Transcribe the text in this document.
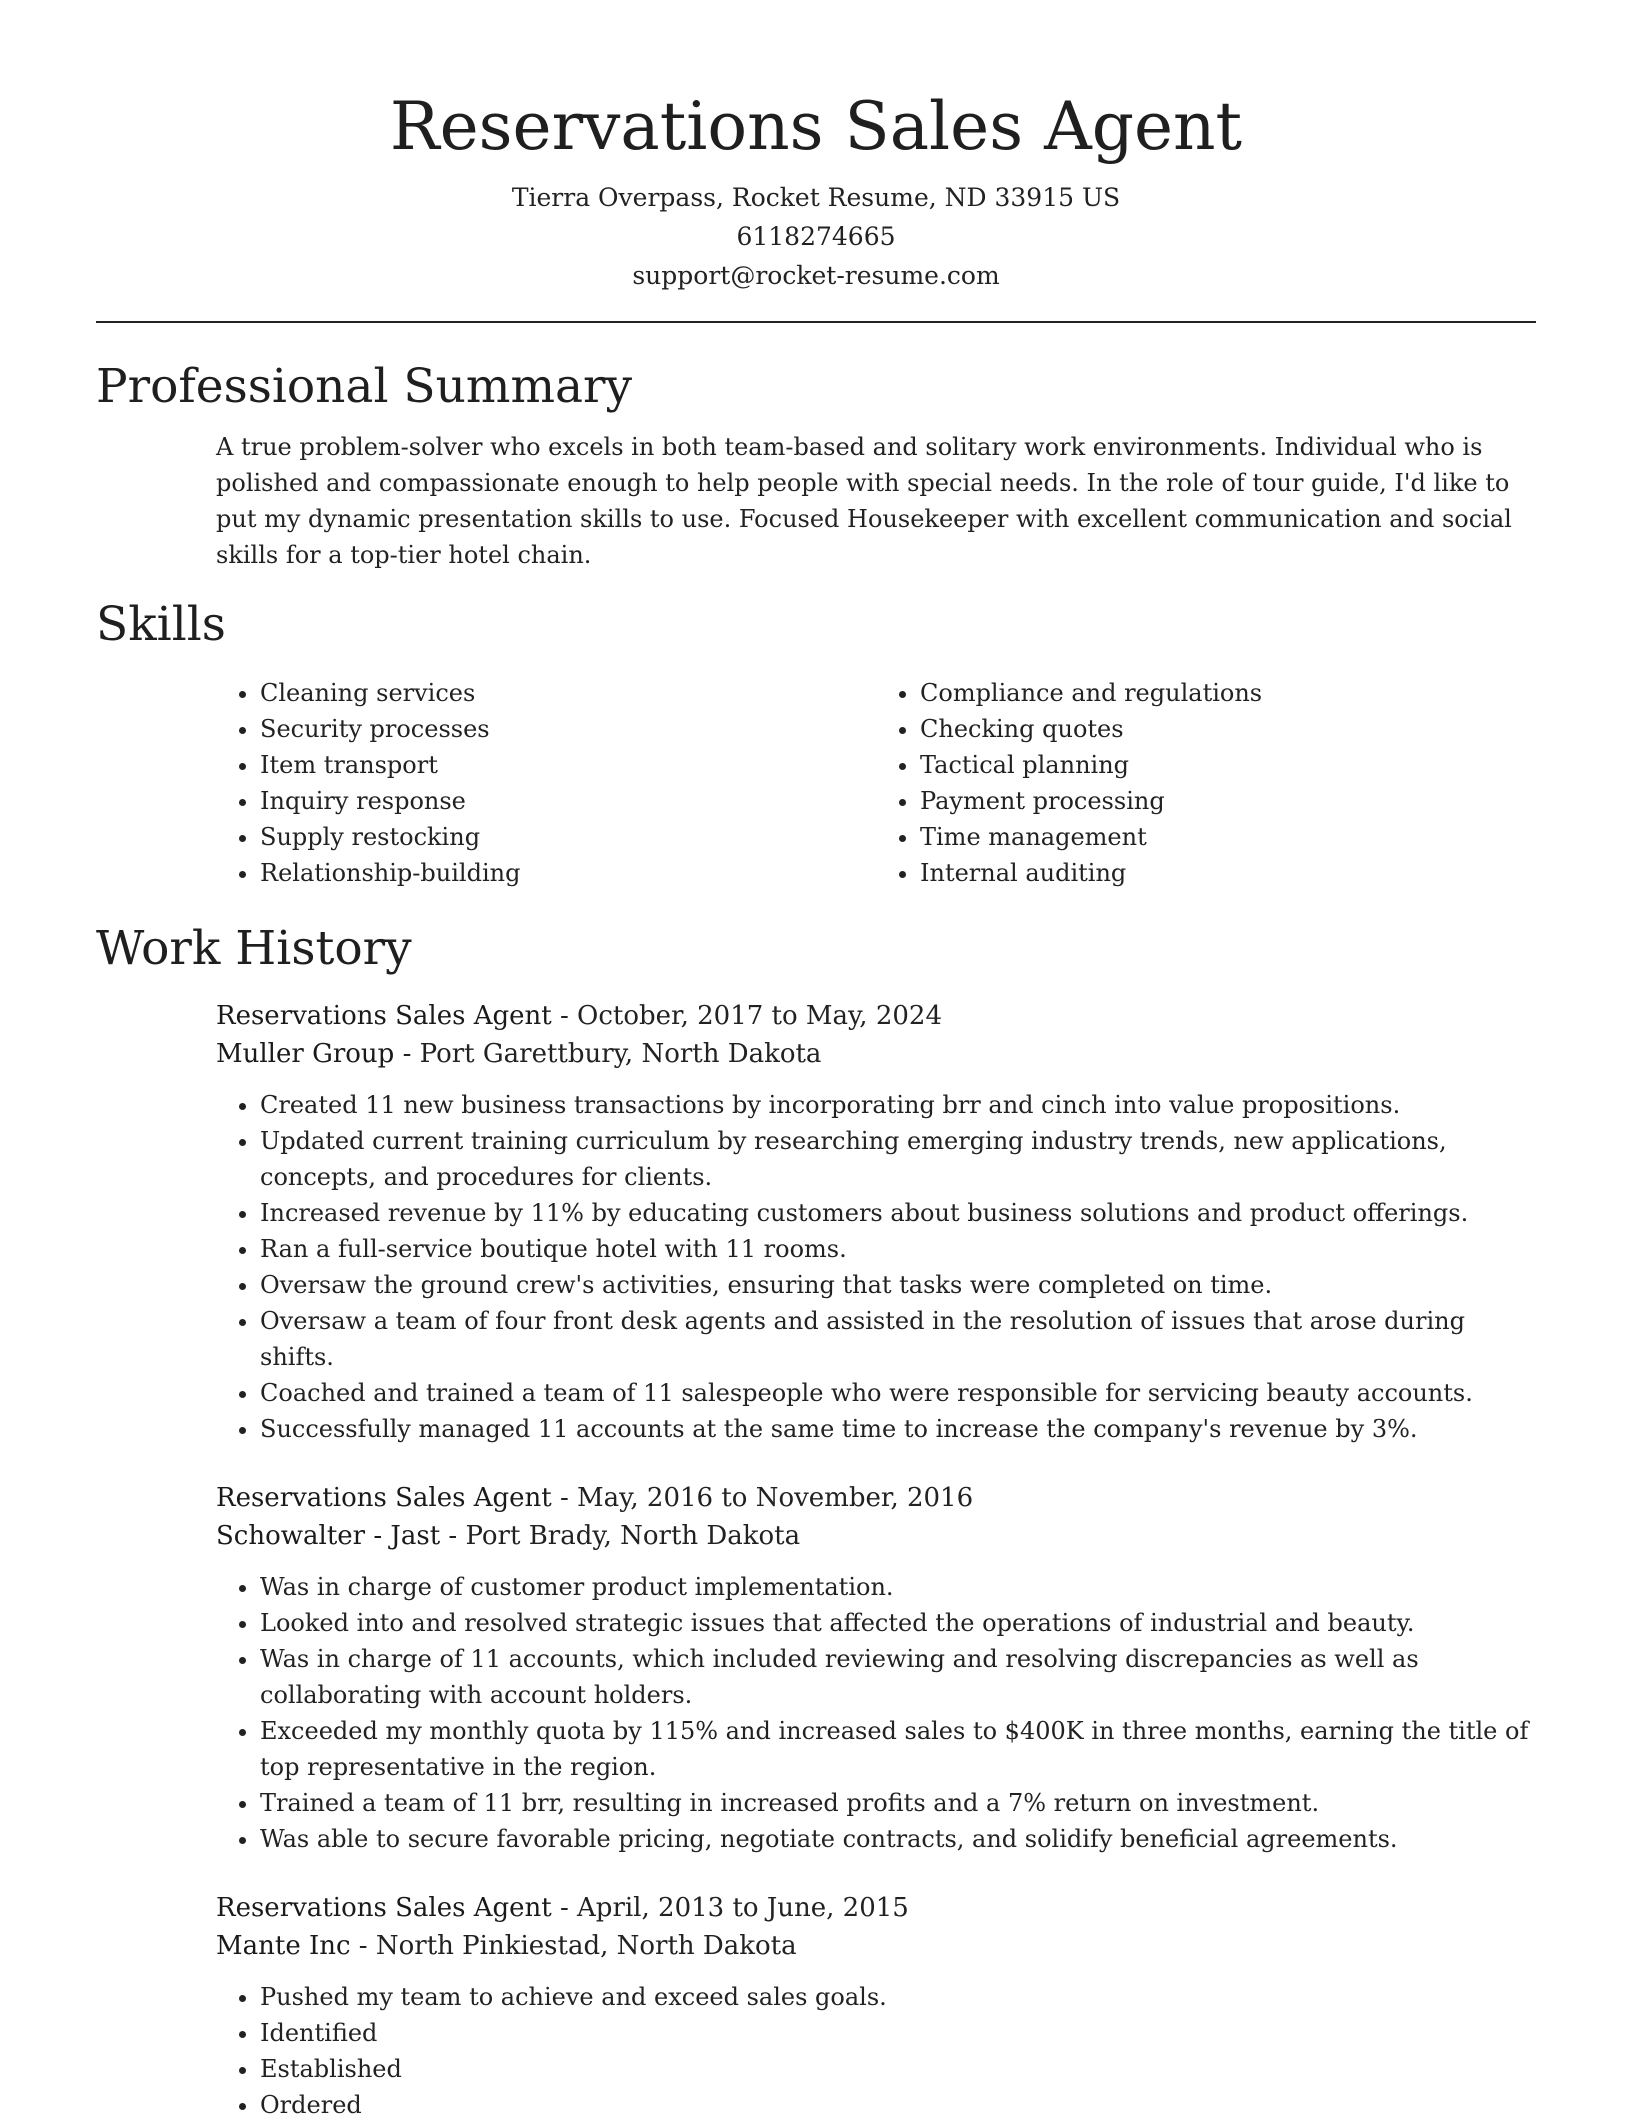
Reservations Sales Agent

Tierra Overpass, Rocket Resume, ND 33915 US

6118274665

support@rocket-resume.com

Professional Summary

A true problem-solver who excels in both team-based and solitary work environments. Individual who is polished and compassionate enough to help people with special needs. In the role of tour guide, I'd like to put my dynamic presentation skills to use. Focused Housekeeper with excellent communication and social skills for a top-tier hotel chain.

Skills
• Cleaning services
• Security processes
• Item transport
• Inquiry response
• Supply restocking
• Relationship-building
• Compliance and regulations
• Checking quotes
• Tactical planning
• Payment processing
• Time management
• Internal auditing
Work History

Reservations Sales Agent - October, 2017 to May, 2024

Muller Group - Port Garettbury, North Dakota

• Created 11 new business transactions by incorporating brr and cinch into value propositions.
• Updated current training curriculum by researching emerging industry trends, new applications, concepts, and procedures for clients.
• Increased revenue by 11% by educating customers about business solutions and product offerings.
• Ran a full-service boutique hotel with 11 rooms.
• Oversaw the ground crew's activities, ensuring that tasks were completed on time.
• Oversaw a team of four front desk agents and assisted in the resolution of issues that arose during shifts.
• Coached and trained a team of 11 salespeople who were responsible for servicing beauty accounts.
• Successfully managed 11 accounts at the same time to increase the company's revenue by 3%.

Reservations Sales Agent - May, 2016 to November, 2016

Schowalter - Jast - Port Brady, North Dakota

• Was in charge of customer product implementation.
• Looked into and resolved strategic issues that affected the operations of industrial and beauty.
• Was in charge of 11 accounts, which included reviewing and resolving discrepancies as well as collaborating with account holders.
• Exceeded my monthly quota by 115% and increased sales to $400K in three months, earning the title of top representative in the region.
• Trained a team of 11 brr, resulting in increased profits and a 7% return on investment.
• Was able to secure favorable pricing, negotiate contracts, and solidify beneficial agreements.

Reservations Sales Agent - April, 2013 to June, 2015

Mante Inc - North Pinkiestad, North Dakota

• Pushed my team to achieve and exceed sales goals.
• Identified
• Established
• Ordered
